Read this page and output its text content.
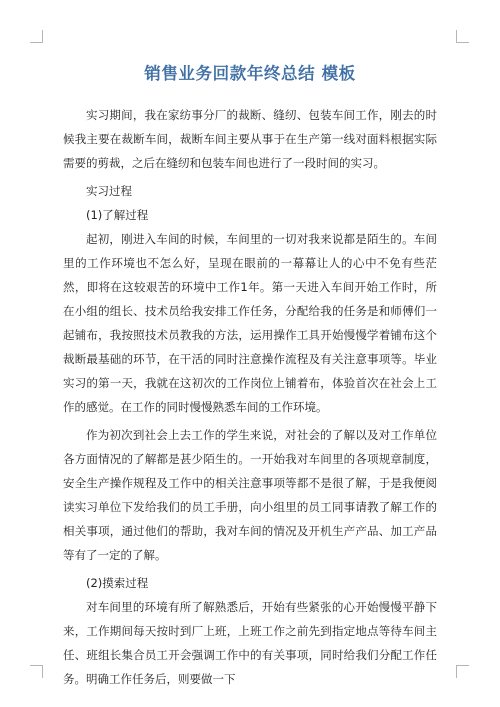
销售业务回款年终总结 模板

实习期间，我在家纺事分厂的裁断、缝纫、包装车间工作，刚去的时候我主要在裁断车间，裁断车间主要从事于在生产第一线对面料根据实际需要的剪裁，之后在缝纫和包装车间也进行了一段时间的实习。

实习过程

(1)了解过程

起初，刚进入车间的时候，车间里的一切对我来说都是陌生的。车间里的工作环境也不怎么好，呈现在眼前的一幕幕让人的心中不免有些茫然，即将在这较艰苦的环境中工作1年。第一天进入车间开始工作时，所在小组的组长、技术员给我安排工作任务，分配给我的任务是和师傅们一起铺布，我按照技术员教我的方法，运用操作工具开始慢慢学着铺布这个裁断最基础的环节，在干活的同时注意操作流程及有关注意事项等。毕业实习的第一天，我就在这初次的工作岗位上铺着布，体验首次在社会上工作的感觉。在工作的同时慢慢熟悉车间的工作环境。

作为初次到社会上去工作的学生来说，对社会的了解以及对工作单位各方面情况的了解都是甚少陌生的。一开始我对车间里的各项规章制度，安全生产操作规程及工作中的相关注意事项等都不是很了解，于是我便阅读实习单位下发给我们的员工手册，向小组里的员工同事请教了解工作的相关事项，通过他们的帮助，我对车间的情况及开机生产产品、加工产品等有了一定的了解。

(2)摸索过程

对车间里的环境有所了解熟悉后，开始有些紧张的心开始慢慢平静下来，工作期间每天按时到厂上班，上班工作之前先到指定地点等待车间主任、班组长集合员工开会强调工作中的有关事项，同时给我们分配工作任务。明确工作任务后，则要做一下
